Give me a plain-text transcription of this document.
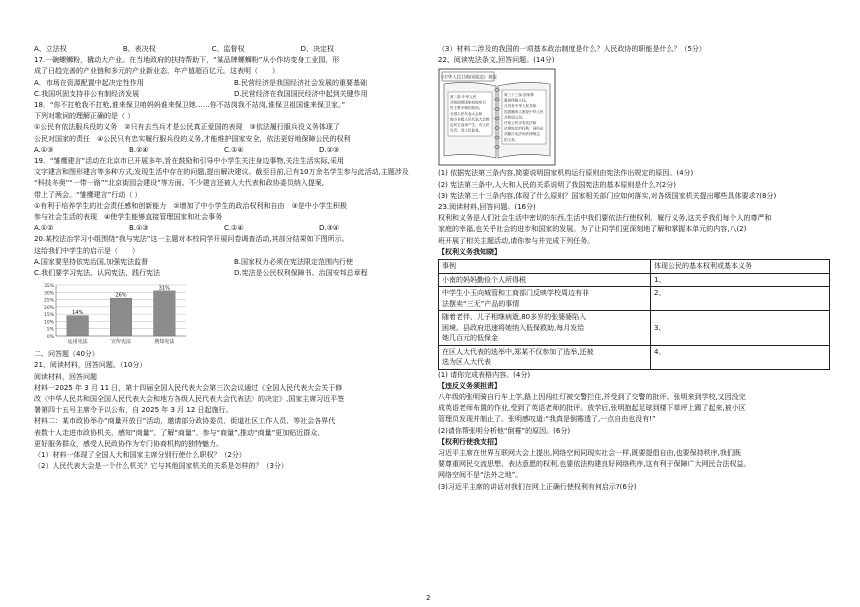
A、立法权	B、表决权	C、监督权	D、决定权
17.一碗螺蛳粉，撬动大产业。在当地政府的扶持帮助下，“某品牌螺蛳粉”从小作坊变身工业园，形
成了日趋完善的产业链和多元的产业新业态，年产值超百亿元。这表明（　　）
A．市场在资源配置中起决定性作用	B.民营经济是我国经济社会发展的重要基础
C.我国巩固支持非公有制经济发展	D.民营经济在我国国民经济中起到关键作用
18．“你不扛枪我不扛枪,谁来保卫咱妈妈谁来保卫她……你不站岗我不站岗,谁保卫祖国谁来保卫家。”
下列对歌词的理解正确的是（ ）
①公民有依法服兵役的义务　②只有去当兵才是公民真正爱国的表现　③依法履行服兵役义务体现了
公民对国家的责任　④公民只有忠实履行服兵役的义务,才能维护国家安全，依法更好地保障公民的权利
A.①③	B.②④	C.①④	D.②③
19．“雏鹰建言”活动在北京市已开展多年,旨在鼓励和引导中小学生关注身边事物,关注生活实际,采用
文字建言和图形建言等多种方式,发现生活中存在的问题,提出解决建议。截至目前,已有10万余名学生参与此活动,主题涉及
“科技冬奥”“一带一路”“北京街园会建设”等方面。不少建言还被人大代表和政协委员纳入提案,
带上了两会。“雏鹰建言”行动（ ）
①有利于培养学生的社会责任感和创新能力　②增加了中小学生的政治权利和自由　③是中小学生积极
参与社会生活的表现　④使学生能够直接管理国家和社会事务
A.①②	B.①③	C.①④	D.③④
20.某校法治学习小组围绕“我与宪法”这一主题对本校同学开展问卷调查活动,其部分结果如下图所示。
这给我们中学生的启示是（　　）
A.国家要坚持依宪治国,加强宪法监督	B.国家权力必须在宪法限定范围内行使
C.我们要学习宪法、认同宪法、践行宪法	D.宪法是公民权利保障书、治国安邦总章程
0%
5%
10%
15%
20%
25%
30%
35%
14%
运用宪法
26%
宣传宪法
31%
熟知宪法
二、问答题（40分）
21、阅读材料，回答问题。（10分）
阅读材料，回答问题
材料一2025 年 3 月 11 日，第十四届全国人民代表大会第三次会议通过《全国人民代表大会关于修
改〈中华人民共和国全国人民代表大会和地方各级人民代表大会代表法〉的决定》,国家主席习近平签
署第四十五号主席令予以公布，自 2025 年 3 月 12 日起施行。
材料二：某市政协举办“商量开放日”活动，邀请部分政协委员、街道社区工作人员、等社会各界代
表数十人走进市政协机关，感知“商量”、了解“商量”、参与“商量”,推动“商量”更加贴近群众、
更好服务群众，感受人民政协作为专门协商机构的独特魅力。
（1）材料一体现了全国人大和国家主席分别行使什么职权？（2分）
（2）人民代表大会是一个什么机关？它与其他国家机关的关系是怎样的？（3分）
（3）材料二涉及的我国的一项基本政治制度是什么？人民政协的职能是什么？（5分）
22、阅读宪法条文,回答问题。(14分)
《中华人民共和国宪法》规定
第三条 中华人民
共和国的国家机构实行
民主集中制的原则。
全国人民代表大会和
地方各级人民代表大会都
由民主选举产生，对人民
负责，受人民监督。
第三十三条 国家尊
重和保障人权。
凡具有中华人民共和
国国籍的人都是中华人民
共和国公民。
任何公民享有宪法和
法律规定的权利，同时必
须履行宪法和法律规定
的义务。
(1) 依据宪法第三条内容,简要说明国家机构运行原则由宪法作出规定的原因。(4分)
(2) 宪法第三条中,人大和人民的关系说明了我国宪法的基本原则是什么?(2分)
(3) 宪法第三十三条内容,体现了什么原则？国家相关部门应如何落实,对各级国家机关提出哪些具体要求?(8分)
23.阅读材料,回答问题。(16分)
权利和义务是人们社会生活中密切的东西,生活中我们要依法行使权利、履行义务,这关乎我们每个人的尊严和
家庭的幸福,也关乎社会的进步和国家的发展。为了让同学们更深刻地了解和掌握本单元的内容,八(2)
班开展了相关主题活动,请你参与并完成下列任务。
【权利义务我知晓】
事例	体现公民的基本权利或基本义务

小南的妈妈勤俭个人所得税	1、

中学生小玉向城管和工商部门反映学校周边有非
法摆卖“三无”产品的事情	2、

随着老伴、儿子相继病逝,80多岁的张婆婆陷入
困境。县政府迅速将她纳入低保救助,每月发给
她几百元的低保金	3、

在区人大代表的选举中,郑某不仅参加了选举,还被
选为区人大代表	4、
(1) 请你完成表格内容。(4分)
【违反义务须担责】
八年级的张明骑自行车上学,路上因闯红灯被交警拦住,并受到了交警的批评。张明来到学校,又因没完
成英语老师布置的作业,受到了英语老师的批评。放学后,张明抱起足球到楼下草坪上踢了起来,被小区
管理员发现并制止了。张明感叹道:“我真是倒霉透了,一点自由也没有!”
(2)请你帮张明分析他“倒霉”的原因。(6分)
【权利行使我支招】
习近平主席在世界互联网大会上提出,网络空间同现实社会一样,既要提倡自由,也要保持秩序,我们既
要尊重网民交流思想、表达意愿的权利,也要依法构建良好网络秩序,这有利于保障广大网民合法权益。
网络空间不是“法外之地”。
(3)习近平主席的讲话对我们在网上正确行使权利有何启示?(6分)
2
